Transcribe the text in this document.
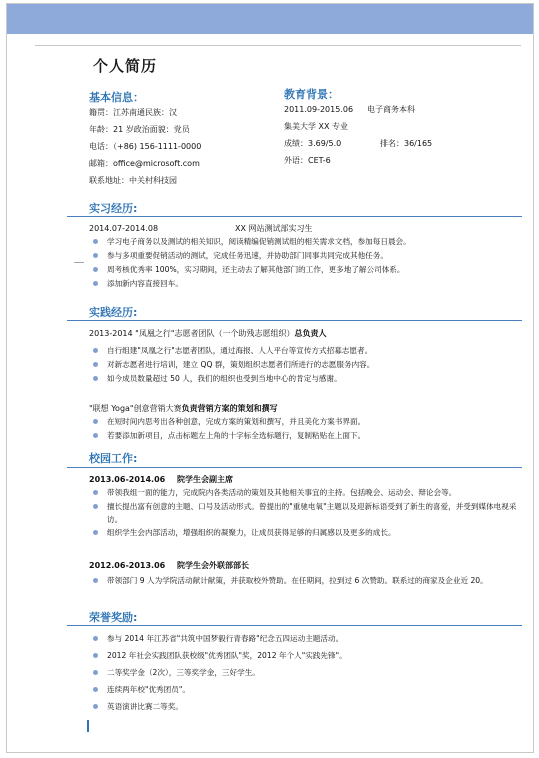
个人简历
基本信息：
籍贯：江苏南通民族：汉
年龄：21 岁政治面貌：党员
电话：（+86) 156-1111-0000
邮箱：office@microsoft.com
联系地址：中关村科技园
教育背景：
2011.09-2015.06 电子商务本科
集美大学 XX 专业
成绩：3.69/5.0	排名：36/165
外语：CET-6
实习经历:
2014.07-2014.08	XX 网站测试部实习生
学习电子商务以及测试的相关知识，阅读精编促销测试组的相关需求文档，参加每日晨会。
参与多项重要促销活动的测试，完成任务迅速，并协助部门同事共同完成其他任务。
周考核优秀率 100%，实习期间，还主动去了解其他部门的工作，更多地了解公司体系。
添加新内容直接回车。
实践经历:
2013-2014 "凤凰之行"志愿者团队（一个助残志愿组织）总负责人
自行组建"凤凰之行"志愿者团队，通过海报、人人平台等宣传方式招募志愿者。
对新志愿者进行培训，建立 QQ 群，策划组织志愿者们所进行的志愿服务内容。
如今成员数量超过 50 人，我们的组织也受到当地中心的肯定与感谢。
"联想 Yoga"创意营销大赛负责营销方案的策划和撰写
在短时间内思考出各种创意，完成方案的策划和撰写，并且美化方案书界面。
若要添加新项目，点击标题左上角的十字标全选标题行，复制粘贴在上面下。
校园工作:
2013.06-2014.06 院学生会副主席
带领我组一面的能力，完成院内各类活动的策划及其他相关事宜的主持。包括晚会、运动会、辩论会等。
擅长提出富有创意的主题、口号及活动形式。曾提出的"重驰电氧"主题以及迎新标语受到了新生的喜爱，并受到媒体电视采访。
组织学生会内部活动，增强组织的凝聚力，让成员获得足够的归属感以及更多的成长。
2012.06-2013.06 院学生会外联部部长
带领部门 9 人为学院活动献计献策，并获取校外赞助。在任期间，拉到过 6 次赞助。联系过的商家及企业近 20。
荣誉奖励:
参与 2014 年江苏省"共筑中国梦毅行青春路"纪念五四运动主题活动。
2012 年社会实践团队获校级"优秀团队"奖，2012 年个人"实践先锋"。
二等奖学金（2次），三等奖学金，三好学生。
连续两年校"优秀团员"。
英语演讲比赛二等奖。
